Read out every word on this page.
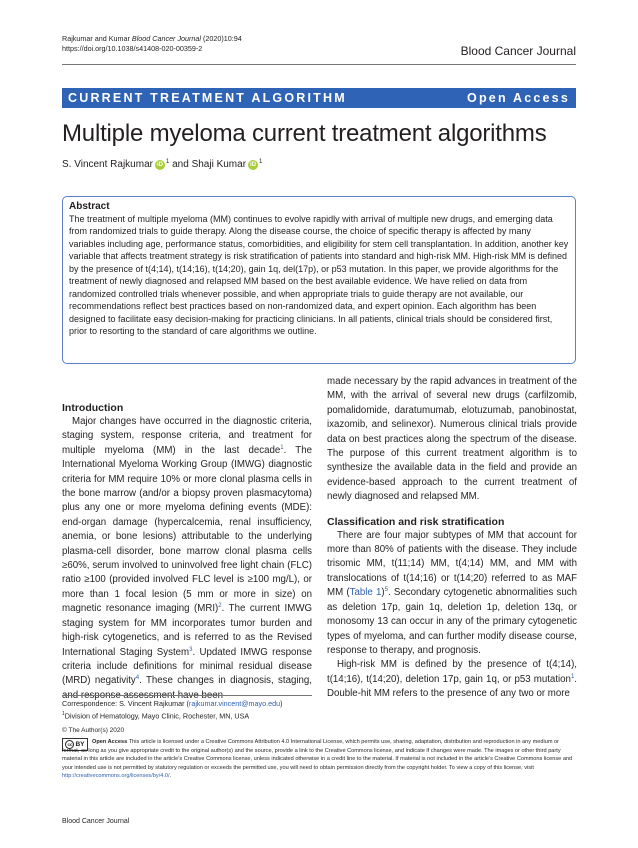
Rajkumar and Kumar Blood Cancer Journal (2020)10:94
https://doi.org/10.1038/s41408-020-00359-2	Blood Cancer Journal
CURRENT TREATMENT ALGORITHM	Open Access
Multiple myeloma current treatment algorithms
S. Vincent Rajkumar iD $^1$ and Shaji Kumar iD $^1$
Abstract

The treatment of multiple myeloma (MM) continues to evolve rapidly with arrival of multiple new drugs, and emerging data from randomized trials to guide therapy. Along the disease course, the choice of specific therapy is affected by many variables including age, performance status, comorbidities, and eligibility for stem cell transplantation. In addition, another key variable that affects treatment strategy is risk stratification of patients into standard and high-risk MM. High-risk MM is defined by the presence of t(4;14), t(14;16), t(14;20), gain 1q, del(17p), or p53 mutation. In this paper, we provide algorithms for the treatment of newly diagnosed and relapsed MM based on the best available evidence. We have relied on data from randomized controlled trials whenever possible, and when appropriate trials to guide therapy are not available, our recommendations reflect best practices based on non-randomized data, and expert opinion. Each algorithm has been designed to facilitate easy decision-making for practicing clinicians. In all patients, clinical trials should be considered first, prior to resorting to the standard of care algorithms we outline.

Introduction

Major changes have occurred in the diagnostic criteria, staging system, response criteria, and treatment for multiple myeloma (MM) in the last decade$^1$. The International Myeloma Working Group (IMWG) diagnostic criteria for MM require 10% or more clonal plasma cells in the bone marrow (and/or a biopsy proven plasmacytoma) plus any one or more myeloma defining events (MDE): end-organ damage (hypercalcemia, renal insufficiency, anemia, or bone lesions) attributable to the underlying plasma-cell disorder, bone marrow clonal plasma cells ≥60%, serum involved to uninvolved free light chain (FLC) ratio ≥100 (provided involved FLC level is ≥100 mg/L), or more than 1 focal lesion (5 mm or more in size) on magnetic resonance imaging (MRI)$^2$. The current IMWG staging system for MM incorporates tumor burden and high-risk cytogenetics, and is referred to as the Revised International Staging System$^3$. Updated IMWG response criteria include definitions for minimal residual disease (MRD) negativity$^4$. These changes in diagnosis, staging, and response assessment have been

made necessary by the rapid advances in treatment of the MM, with the arrival of several new drugs (carfilzomib, pomalidomide, daratumumab, elotuzumab, panobinostat, ixazomib, and selinexor). Numerous clinical trials provide data on best practices along the spectrum of the disease. The purpose of this current treatment algorithm is to synthesize the available data in the field and provide an evidence-based approach to the current treatment of newly diagnosed and relapsed MM.

Classification and risk stratification

There are four major subtypes of MM that account for more than 80% of patients with the disease. They include trisomic MM, t(11;14) MM, t(4;14) MM, and MM with translocations of t(14;16) or t(14;20) referred to as MAF MM (Table 1)$^5$. Secondary cytogenetic abnormalities such as deletion 17p, gain 1q, deletion 1p, deletion 13q, or monosomy 13 can occur in any of the primary cytogenetic types of myeloma, and can further modify disease course, response to therapy, and prognosis.

High-risk MM is defined by the presence of t(4;14), t(14;16), t(14;20), deletion 17p, gain 1q, or p53 mutation$^1$. Double-hit MM refers to the presence of any two or more

Correspondence: S. Vincent Rajkumar (rajkumar.vincent@mayo.edu)
$^1$Division of Hematology, Mayo Clinic, Rochester, MN, USA
© The Author(s) 2020
cc BY	Open Access This article is licensed under a Creative Commons Attribution 4.0 International License, which permits use, sharing, adaptation, distribution and reproduction in any medium or format, as long as you give appropriate credit to the original author(s) and the source, provide a link to the Creative Commons license, and indicate if changes were made. The images or other third party material in this article are included in the article's Creative Commons license, unless indicated otherwise in a credit line to the material. If material is not included in the article's Creative Commons license and your intended use is not permitted by statutory regulation or exceeds the permitted use, you will need to obtain permission directly from the copyright holder. To view a copy of this license, visit http://creativecommons.org/licenses/by/4.0/.
Blood Cancer Journal
